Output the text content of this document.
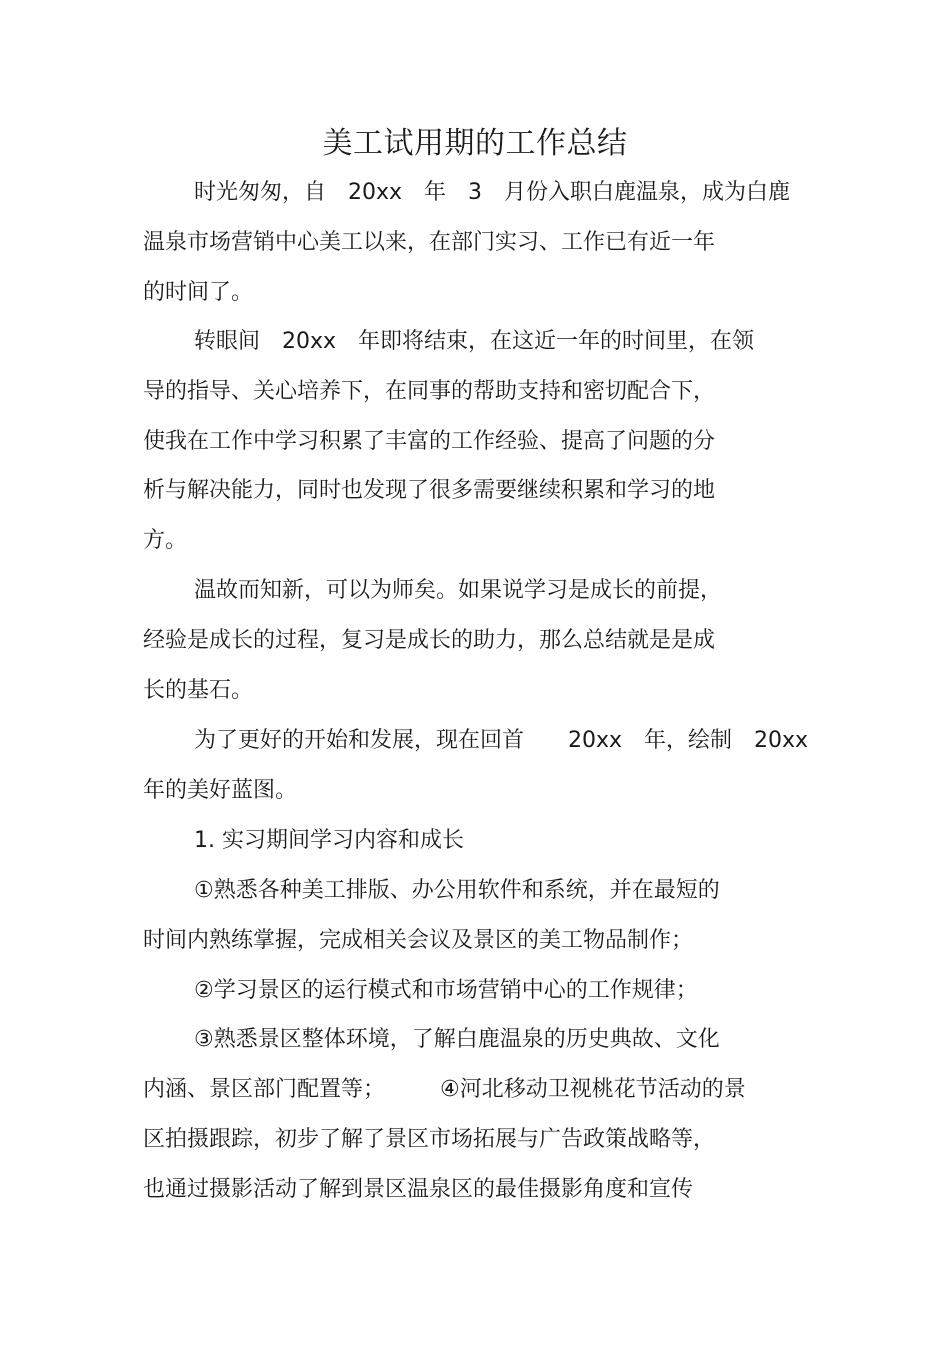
美工试用期的工作总结
时光匆匆，自　20xx　年　3　月份入职白鹿温泉，成为白鹿
温泉市场营销中心美工以来，在部门实习、工作已有近一年
的时间了。
转眼间　20xx　年即将结束，在这近一年的时间里，在领
导的指导、关心培养下，在同事的帮助支持和密切配合下，
使我在工作中学习积累了丰富的工作经验、提高了问题的分
析与解决能力，同时也发现了很多需要继续积累和学习的地
方。
温故而知新，可以为师矣。如果说学习是成长的前提，
经验是成长的过程，复习是成长的助力，那么总结就是是成
长的基石。
为了更好的开始和发展，现在回首　　20xx　年，绘制　20xx
年的美好蓝图。
1. 实习期间学习内容和成长
①熟悉各种美工排版、办公用软件和系统，并在最短的
时间内熟练掌握，完成相关会议及景区的美工物品制作；
②学习景区的运行模式和市场营销中心的工作规律；
③熟悉景区整体环境，了解白鹿温泉的历史典故、文化
内涵、景区部门配置等；　　　④河北移动卫视桃花节活动的景
区拍摄跟踪，初步了解了景区市场拓展与广告政策战略等，
也通过摄影活动了解到景区温泉区的最佳摄影角度和宣传
